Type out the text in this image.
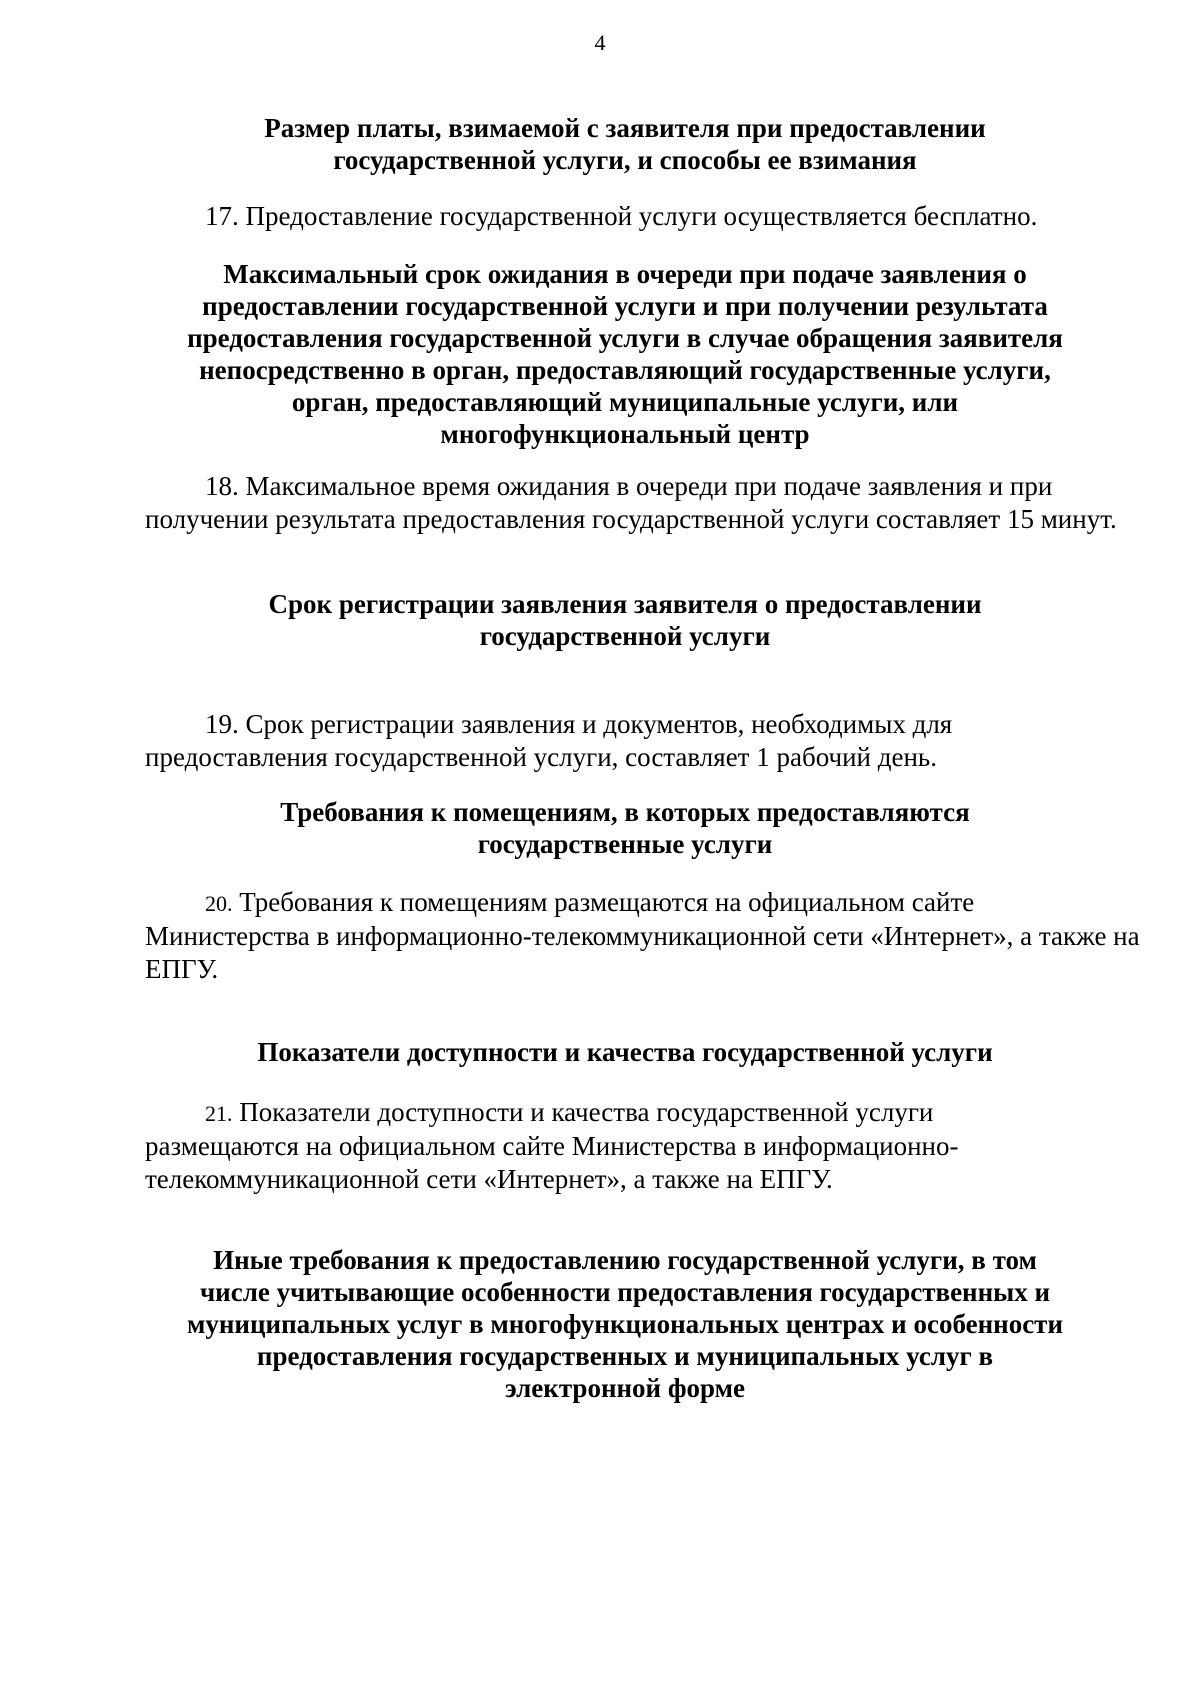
4
Размер платы, взимаемой с заявителя при предоставлении
государственной услуги, и способы ее взимания
17. Предоставление государственной услуги осуществляется бесплатно.
Максимальный срок ожидания в очереди при подаче заявления о
предоставлении государственной услуги и при получении результата
предоставления государственной услуги в случае обращения заявителя
непосредственно в орган, предоставляющий государственные услуги,
орган, предоставляющий муниципальные услуги, или
многофункциональный центр
18. Максимальное время ожидания в очереди при подаче заявления и при
получении результата предоставления государственной услуги составляет 15 минут.
Срок регистрации заявления заявителя о предоставлении
государственной услуги
19. Срок регистрации заявления и документов, необходимых для
предоставления государственной услуги, составляет 1 рабочий день.
Требования к помещениям, в которых предоставляются
государственные услуги
20. Требования к помещениям размещаются на официальном сайте
Министерства в информационно-телекоммуникационной сети «Интернет», а также на
ЕПГУ.
Показатели доступности и качества государственной услуги
21. Показатели доступности и качества государственной услуги
размещаются на официальном сайте Министерства в информационно-
телекоммуникационной сети «Интернет», а также на ЕПГУ.
Иные требования к предоставлению государственной услуги, в том
числе учитывающие особенности предоставления государственных и
муниципальных услуг в многофункциональных центрах и особенности
предоставления государственных и муниципальных услуг в
электронной форме
